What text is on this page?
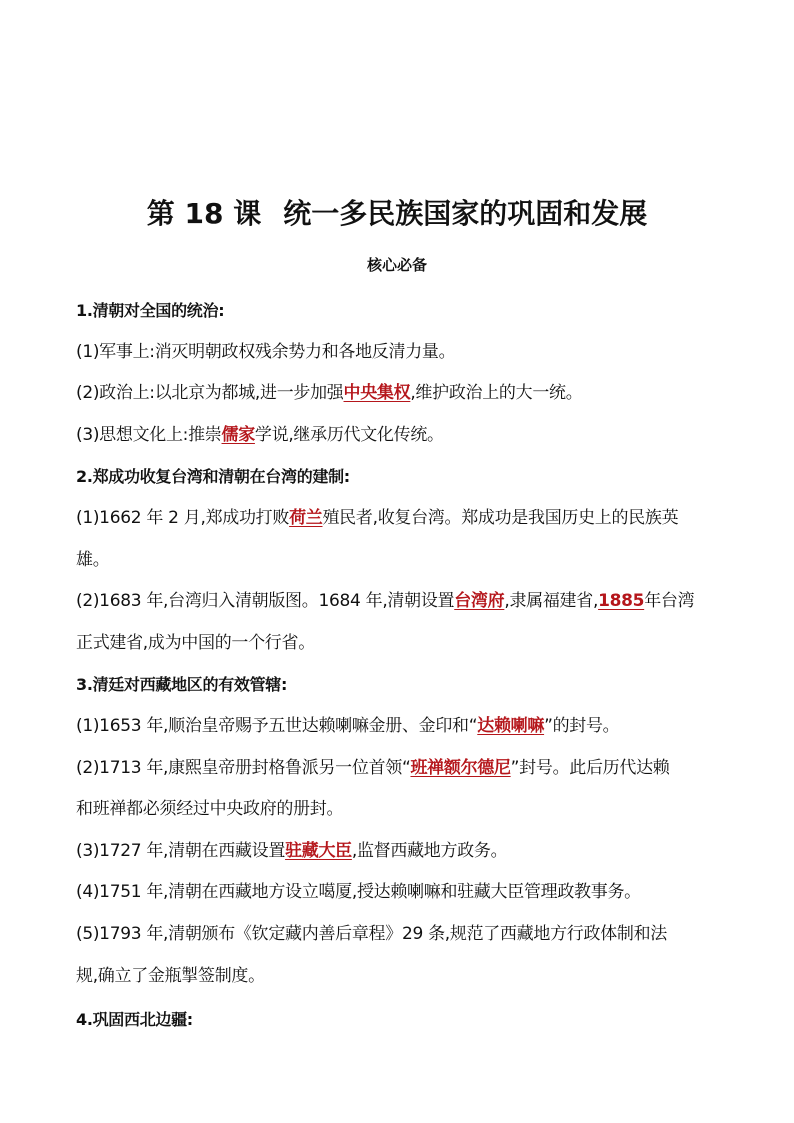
第 18 课 统一多民族国家的巩固和发展
核心必备
1.清朝对全国的统治:
(1)军事上:消灭明朝政权残余势力和各地反清力量。
(2)政治上:以北京为都城,进一步加强中央集权,维护政治上的大一统。
(3)思想文化上:推崇儒家学说,继承历代文化传统。
2.郑成功收复台湾和清朝在台湾的建制:
(1)1662 年 2 月,郑成功打败荷兰殖民者,收复台湾。郑成功是我国历史上的民族英
雄。
(2)1683 年,台湾归入清朝版图。1684 年,清朝设置台湾府,隶属福建省,1885年台湾
正式建省,成为中国的一个行省。
3.清廷对西藏地区的有效管辖:
(1)1653 年,顺治皇帝赐予五世达赖喇嘛金册、金印和“达赖喇嘛”的封号。
(2)1713 年,康熙皇帝册封格鲁派另一位首领“班禅额尔德尼”封号。此后历代达赖
和班禅都必须经过中央政府的册封。
(3)1727 年,清朝在西藏设置驻藏大臣,监督西藏地方政务。
(4)1751 年,清朝在西藏地方设立噶厦,授达赖喇嘛和驻藏大臣管理政教事务。
(5)1793 年,清朝颁布《钦定藏内善后章程》29 条,规范了西藏地方行政体制和法
规,确立了金瓶掣签制度。
4.巩固西北边疆:
